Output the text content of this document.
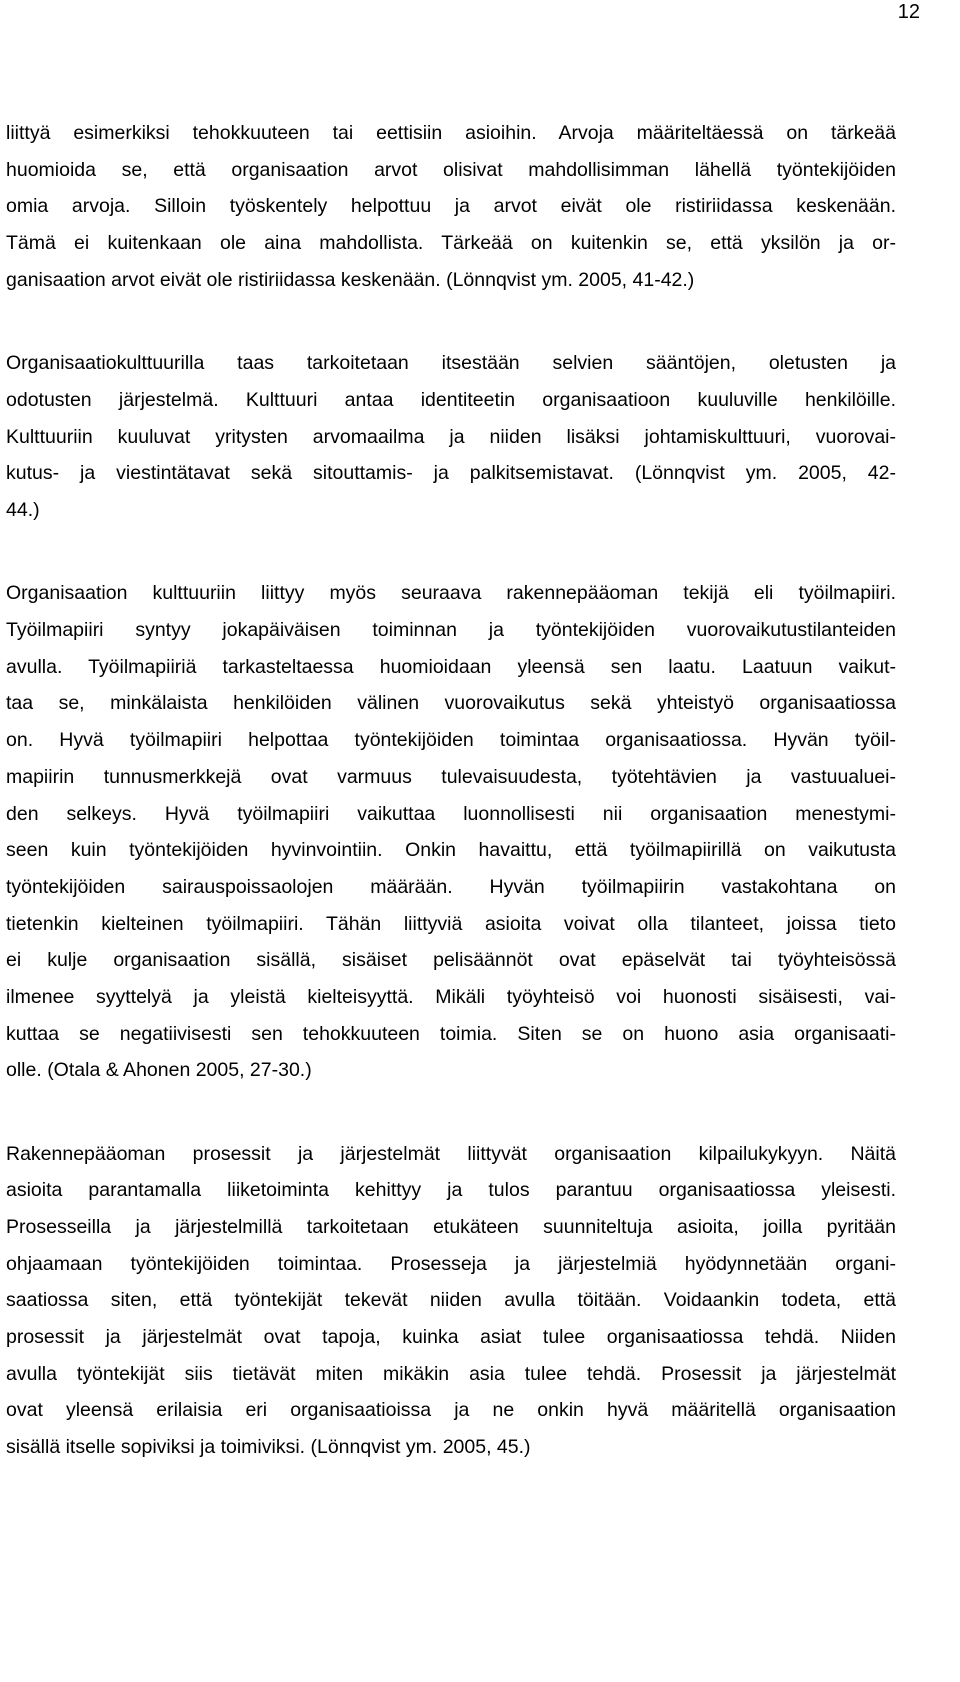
12
liittyä esimerkiksi tehokkuuteen tai eettisiin asioihin. Arvoja määriteltäessä on tärkeää
huomioida se, että organisaation arvot olisivat mahdollisimman lähellä työntekijöiden
omia arvoja. Silloin työskentely helpottuu ja arvot eivät ole ristiriidassa keskenään.
Tämä ei kuitenkaan ole aina mahdollista. Tärkeää on kuitenkin se, että yksilön ja or-
ganisaation arvot eivät ole ristiriidassa keskenään. (Lönnqvist ym. 2005, 41-42.)
Organisaatiokulttuurilla taas tarkoitetaan itsestään selvien sääntöjen, oletusten ja
odotusten järjestelmä. Kulttuuri antaa identiteetin organisaatioon kuuluville henkilöille.
Kulttuuriin kuuluvat yritysten arvomaailma ja niiden lisäksi johtamiskulttuuri, vuorovai-
kutus- ja viestintätavat sekä sitouttamis- ja palkitsemistavat. (Lönnqvist ym. 2005, 42-
44.)
Organisaation kulttuuriin liittyy myös seuraava rakennepääoman tekijä eli työilmapiiri.
Työilmapiiri syntyy jokapäiväisen toiminnan ja työntekijöiden vuorovaikutustilanteiden
avulla. Työilmapiiriä tarkasteltaessa huomioidaan yleensä sen laatu. Laatuun vaikut-
taa se, minkälaista henkilöiden välinen vuorovaikutus sekä yhteistyö organisaatiossa
on. Hyvä työilmapiiri helpottaa työntekijöiden toimintaa organisaatiossa. Hyvän työil-
mapiirin tunnusmerkkejä ovat varmuus tulevaisuudesta, työtehtävien ja vastuualuei-
den selkeys. Hyvä työilmapiiri vaikuttaa luonnollisesti nii organisaation menestymi-
seen kuin työntekijöiden hyvinvointiin. Onkin havaittu, että työilmapiirillä on vaikutusta
työntekijöiden sairauspoissaolojen määrään. Hyvän työilmapiirin vastakohtana on
tietenkin kielteinen työilmapiiri. Tähän liittyviä asioita voivat olla tilanteet, joissa tieto
ei kulje organisaation sisällä, sisäiset pelisäännöt ovat epäselvät tai työyhteisössä
ilmenee syyttelyä ja yleistä kielteisyyttä. Mikäli työyhteisö voi huonosti sisäisesti, vai-
kuttaa se negatiivisesti sen tehokkuuteen toimia. Siten se on huono asia organisaati-
olle. (Otala & Ahonen 2005, 27-30.)
Rakennepääoman prosessit ja järjestelmät liittyvät organisaation kilpailukykyyn. Näitä
asioita parantamalla liiketoiminta kehittyy ja tulos parantuu organisaatiossa yleisesti.
Prosesseilla ja järjestelmillä tarkoitetaan etukäteen suunniteltuja asioita, joilla pyritään
ohjaamaan työntekijöiden toimintaa. Prosesseja ja järjestelmiä hyödynnetään organi-
saatiossa siten, että työntekijät tekevät niiden avulla töitään. Voidaankin todeta, että
prosessit ja järjestelmät ovat tapoja, kuinka asiat tulee organisaatiossa tehdä. Niiden
avulla työntekijät siis tietävät miten mikäkin asia tulee tehdä. Prosessit ja järjestelmät
ovat yleensä erilaisia eri organisaatioissa ja ne onkin hyvä määritellä organisaation
sisällä itselle sopiviksi ja toimiviksi. (Lönnqvist ym. 2005, 45.)
